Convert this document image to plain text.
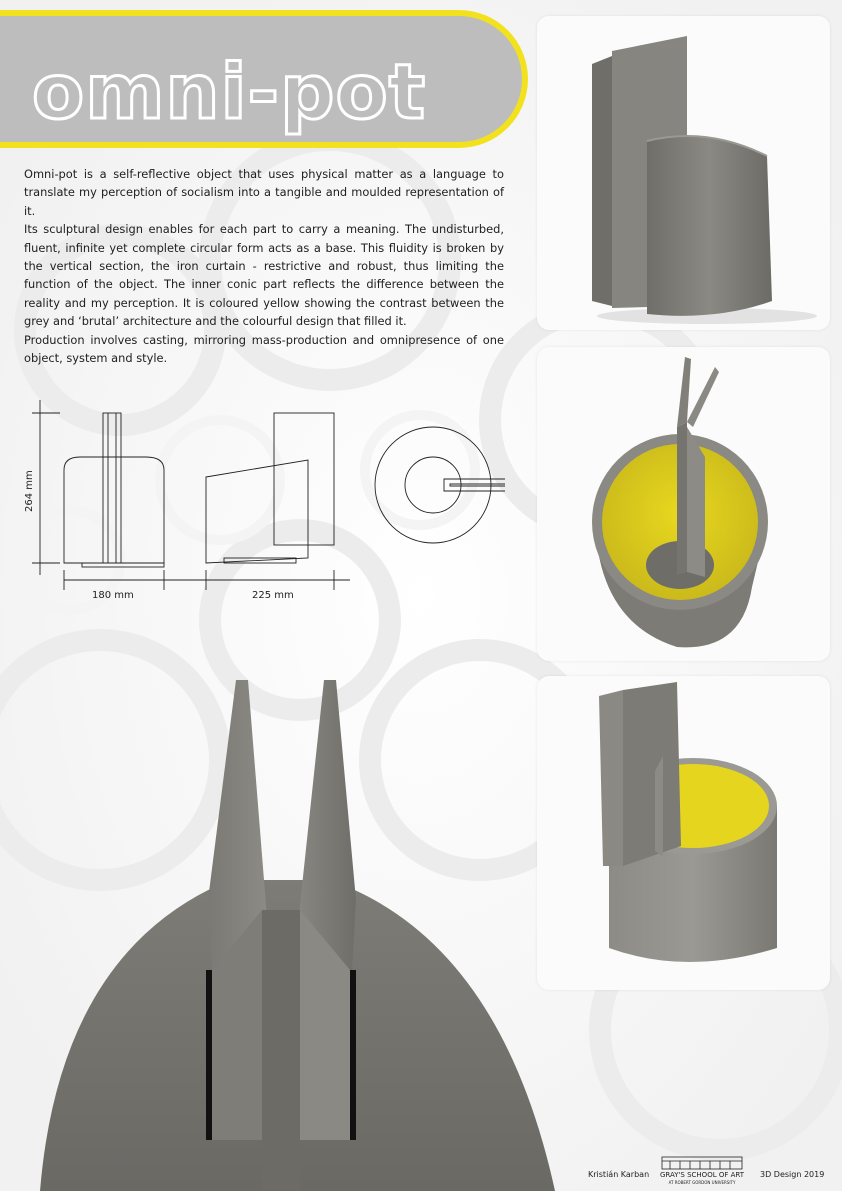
omni-pot

Omni-pot is a self-reflective object that uses physical matter as a language to translate my perception of socialism into a tangible and moulded representation of it.

Its sculptural design enables for each part to carry a meaning. The undisturbed, fluent, infinite yet complete circular form acts as a base. This fluidity is broken by the vertical section, the iron curtain - restrictive and robust, thus limiting the function of the object. The inner conic part reflects the difference between the reality and my perception. It is coloured yellow showing the contrast between the grey and ‘brutal’ architecture and the colourful design that filled it.

Production involves casting, mirroring mass-production and omnipresence of one object, system and style.

264 mm
180 mm	225 mm
Kristián Karban	GRAY'S SCHOOL OF ART
AT ROBERT GORDON UNIVERSITY
3D Design 2019
